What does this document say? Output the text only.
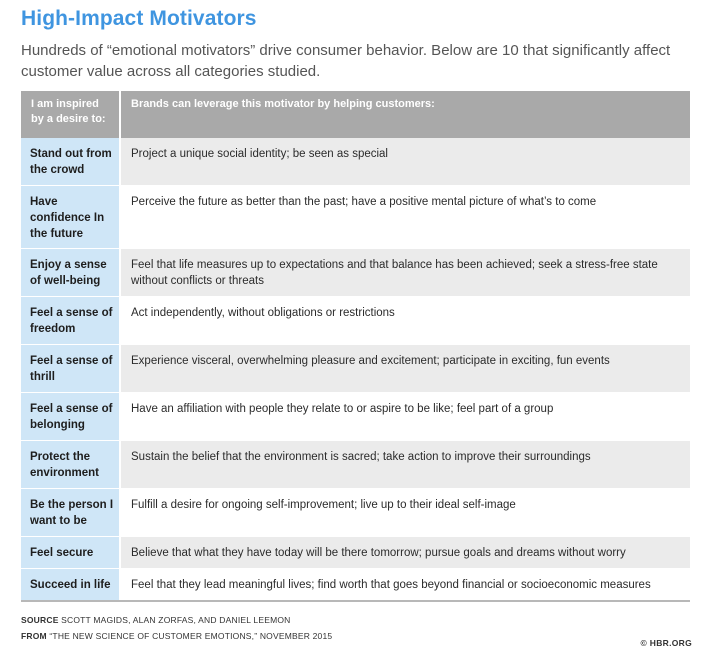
High-Impact Motivators
Hundreds of “emotional motivators” drive consumer behavior. Below are 10 that significantly affect customer value across all categories studied.
I am inspired by a desire to:	Brands can leverage this motivator by helping customers:
Stand out from the crowd	Project a unique social identity; be seen as special
Have confidence In the future	Perceive the future as better than the past; have a positive mental picture of what’s to come
Enjoy a sense of well-being	Feel that life measures up to expectations and that balance has been achieved; seek a stress-free state without conflicts or threats
Feel a sense of freedom	Act independently, without obligations or restrictions
Feel a sense of thrill	Experience visceral, overwhelming pleasure and excitement; participate in exciting, fun events
Feel a sense of belonging	Have an affiliation with people they relate to or aspire to be like; feel part of a group
Protect the environment	Sustain the belief that the environment is sacred; take action to improve their surroundings
Be the person I want to be	Fulfill a desire for ongoing self-improvement; live up to their ideal self-image
Feel secure	Believe that what they have today will be there tomorrow; pursue goals and dreams without worry
Succeed in life	Feel that they lead meaningful lives; find worth that goes beyond financial or socioeconomic measures
SOURCE SCOTT MAGIDS, ALAN ZORFAS, AND DANIEL LEEMON
FROM “THE NEW SCIENCE OF CUSTOMER EMOTIONS,” NOVEMBER 2015
© HBR.ORG
